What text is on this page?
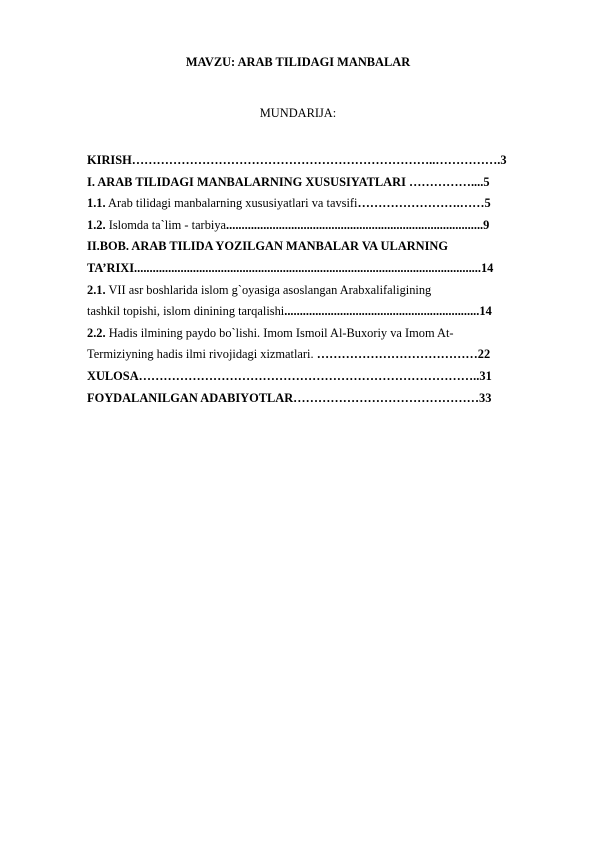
MAVZU: ARAB TILIDAGI MANBALAR
MUNDARIJA:
KIRISH………………………………………………………………..…………….3
I. ARAB TILIDAGI MANBALARNING XUSUSIYATLARI ……………....5
1.1. Arab tilidagi manbalarning xususiyatlari va tavsifi…………………….……5
1.2. Islomda ta`lim - tarbiya...................................................................................9
II.BOB. ARAB TILIDA YOZILGAN MANBALAR VA ULARNING
TA’RIXI................................................................................................................14
2.1. VII asr boshlarida islom g`oyasiga asoslangan Arabxalifaligining
tashkil topishi, islom dinining tarqalishi...............................................................14
2.2. Hadis ilmining paydo bo`lishi. Imom Ismoil Al-Buxoriy va Imom At-
Termiziyning hadis ilmi rivojidagi xizmatlari. …………………………………22
XULOSA………………………………………………………………………..31
FOYDALANILGAN ADABIYOTLAR………………………………………33
